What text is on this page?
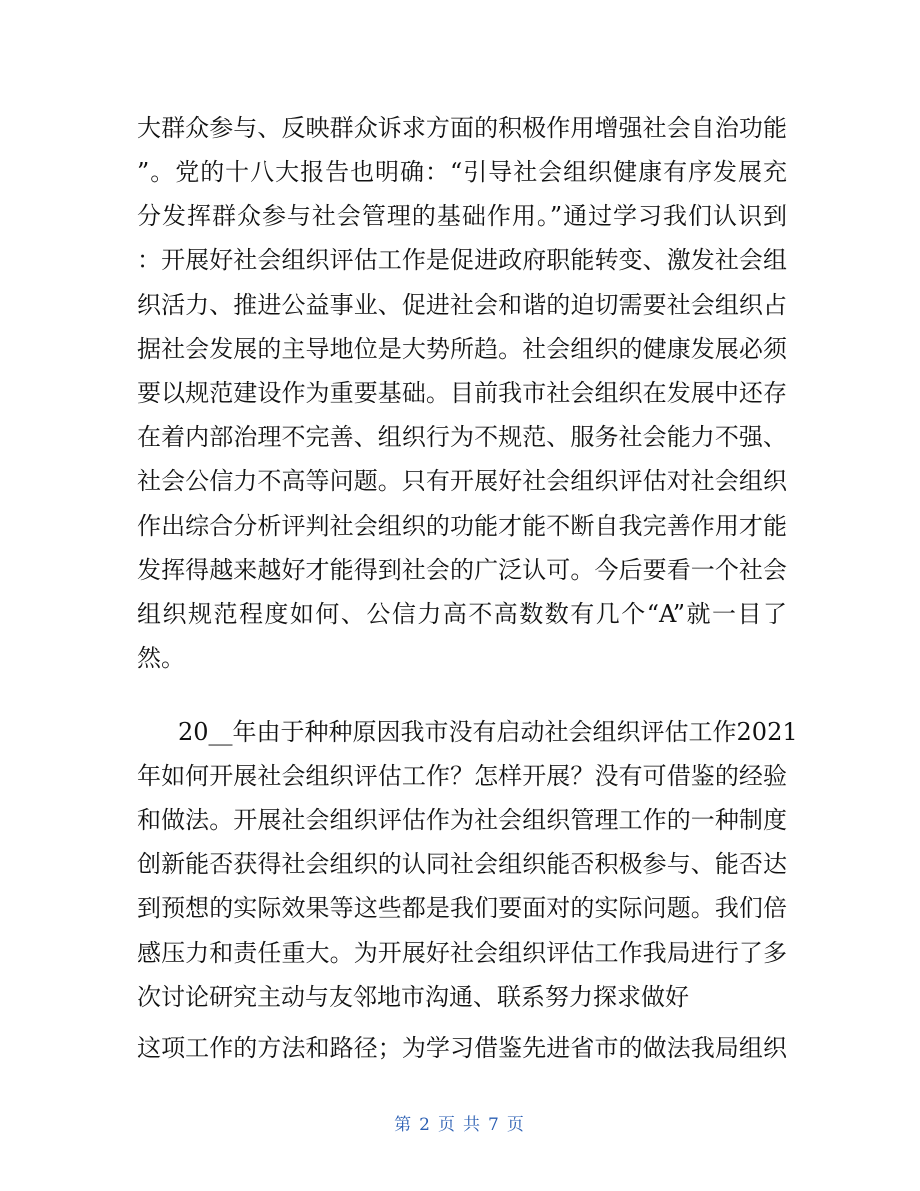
大群众参与、反映群众诉求方面的积极作用增强社会自治功能
”。党的十八大报告也明确：“引导社会组织健康有序发展充
分发挥群众参与社会管理的基础作用。”通过学习我们认识到
：开展好社会组织评估工作是促进政府职能转变、激发社会组
织活力、推进公益事业、促进社会和谐的迫切需要社会组织占
据社会发展的主导地位是大势所趋。社会组织的健康发展必须
要以规范建设作为重要基础。目前我市社会组织在发展中还存
在着内部治理不完善、组织行为不规范、服务社会能力不强、
社会公信力不高等问题。只有开展好社会组织评估对社会组织
作出综合分析评判社会组织的功能才能不断自我完善作用才能
发挥得越来越好才能得到社会的广泛认可。今后要看一个社会
组织规范程度如何、公信力高不高数数有几个“A”就一目了
然。
20__年由于种种原因我市没有启动社会组织评估工作2021
年如何开展社会组织评估工作？怎样开展？没有可借鉴的经验
和做法。开展社会组织评估作为社会组织管理工作的一种制度
创新能否获得社会组织的认同社会组织能否积极参与、能否达
到预想的实际效果等这些都是我们要面对的实际问题。我们倍
感压力和责任重大。为开展好社会组织评估工作我局进行了多
次讨论研究主动与友邻地市沟通、联系努力探求做好
这项工作的方法和路径；为学习借鉴先进省市的做法我局组织
第 2 页 共 7 页
